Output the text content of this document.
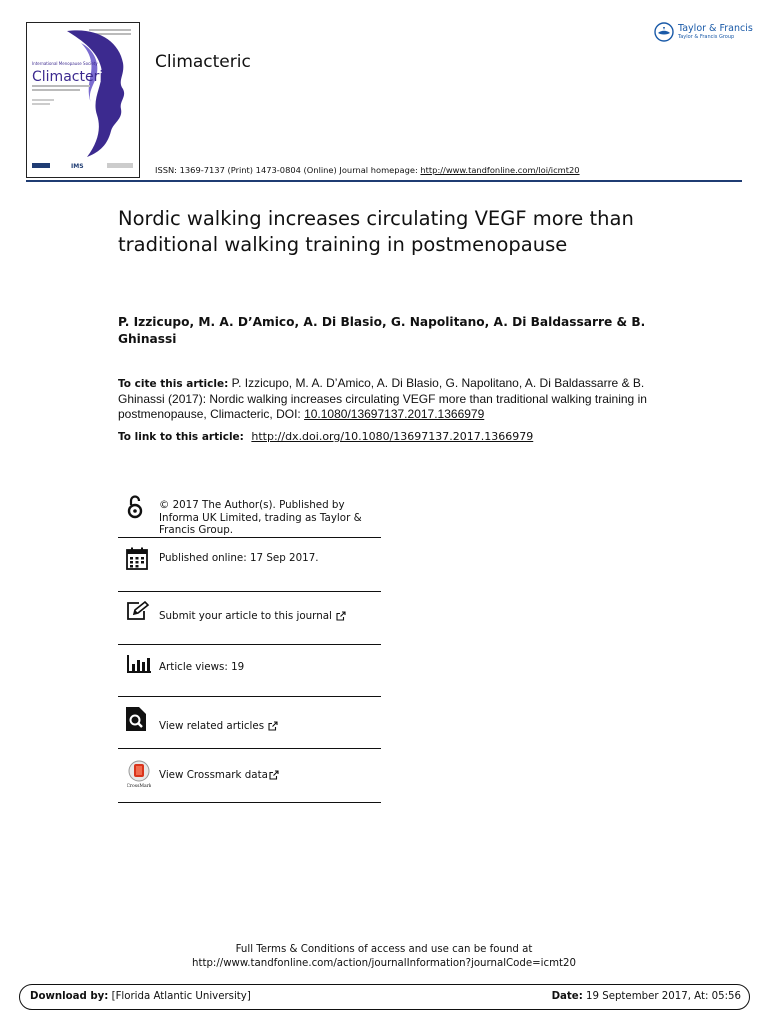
International Menopause Society
Climacteric
IMS
Climacteric
Taylor & Francis
Taylor & Francis Group
ISSN: 1369-7137 (Print) 1473-0804 (Online) Journal homepage: http://www.tandfonline.com/loi/icmt20
Nordic walking increases circulating VEGF more than traditional walking training in postmenopause
P. Izzicupo, M. A. D’Amico, A. Di Blasio, G. Napolitano, A. Di Baldassarre & B. Ghinassi
To cite this article: P. Izzicupo, M. A. D’Amico, A. Di Blasio, G. Napolitano, A. Di Baldassarre & B. Ghinassi (2017): Nordic walking increases circulating VEGF more than traditional walking training in postmenopause, Climacteric, DOI: 10.1080/13697137.2017.1366979
To link to this article: http://dx.doi.org/10.1080/13697137.2017.1366979
© 2017 The Author(s). Published by Informa UK Limited, trading as Taylor & Francis Group.
Published online: 17 Sep 2017.
Submit your article to this journal
Article views: 19
View related articles
CrossMark
View Crossmark data
Full Terms & Conditions of access and use can be found at
http://www.tandfonline.com/action/journalInformation?journalCode=icmt20
Download by: [Florida Atlantic University]	Date: 19 September 2017, At: 05:56
